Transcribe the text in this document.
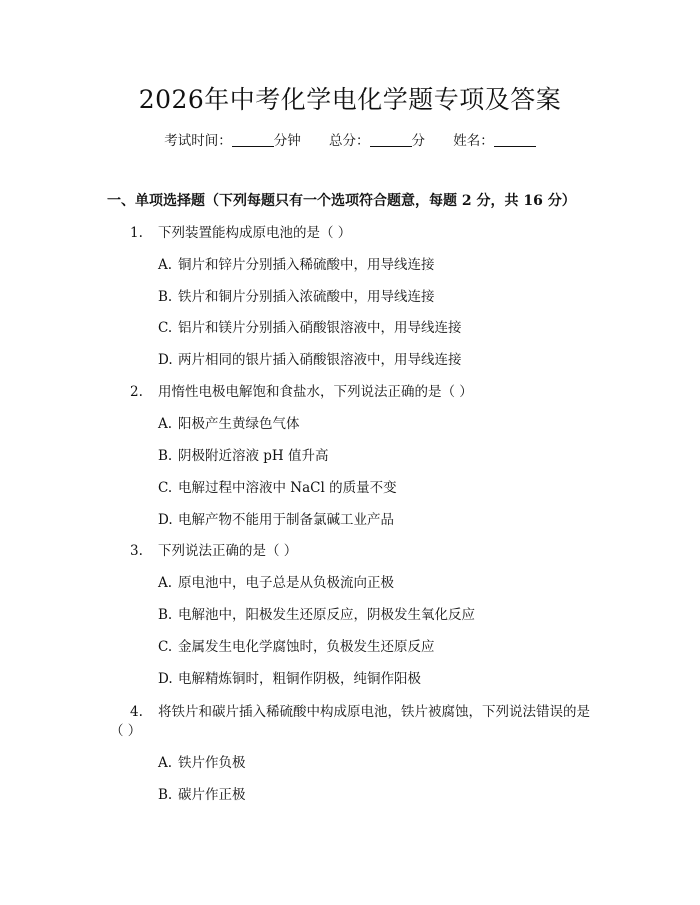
2026年中考化学电化学题专项及答案
考试时间：	分钟 总分：	分 姓名：
一、单项选择题（下列每题只有一个选项符合题意，每题 2 分，共 16 分）
1. 下列装置能构成原电池的是（ ）
A. 铜片和锌片分别插入稀硫酸中，用导线连接
B. 铁片和铜片分别插入浓硫酸中，用导线连接
C. 铝片和镁片分别插入硝酸银溶液中，用导线连接
D. 两片相同的银片插入硝酸银溶液中，用导线连接
2. 用惰性电极电解饱和食盐水，下列说法正确的是（ ）
A. 阳极产生黄绿色气体
B. 阴极附近溶液 pH 值升高
C. 电解过程中溶液中 NaCl 的质量不变
D. 电解产物不能用于制备氯碱工业产品
3. 下列说法正确的是（ ）
A. 原电池中，电子总是从负极流向正极
B. 电解池中，阳极发生还原反应，阴极发生氧化反应
C. 金属发生电化学腐蚀时，负极发生还原反应
D. 电解精炼铜时，粗铜作阴极，纯铜作阳极
4. 将铁片和碳片插入稀硫酸中构成原电池，铁片被腐蚀，下列说法错误的是
（ ）
A. 铁片作负极
B. 碳片作正极
